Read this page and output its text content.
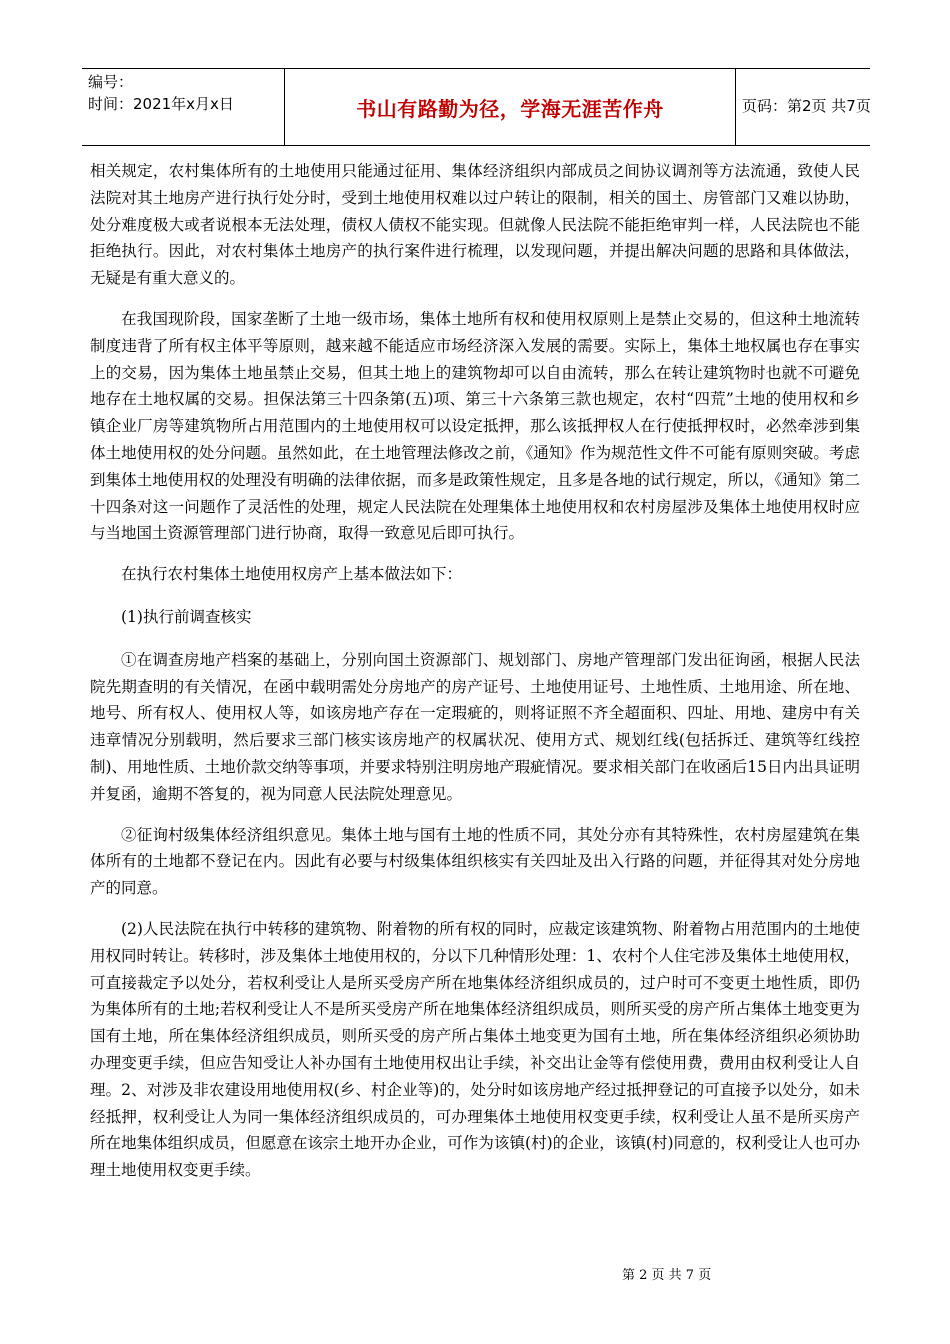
编号：
时间：2021年x月x日	书山有路勤为径，学海无涯苦作舟	页码：第2页 共7页

相关规定，农村集体所有的土地使用只能通过征用、集体经济组织内部成员之间协议调剂等方法流通，致使人民法院对其土地房产进行执行处分时，受到土地使用权难以过户转让的限制，相关的国土、房管部门又难以协助，处分难度极大或者说根本无法处理，债权人债权不能实现。但就像人民法院不能拒绝审判一样，人民法院也不能拒绝执行。因此，对农村集体土地房产的执行案件进行梳理，以发现问题，并提出解决问题的思路和具体做法，无疑是有重大意义的。

在我国现阶段，国家垄断了土地一级市场，集体土地所有权和使用权原则上是禁止交易的，但这种土地流转制度违背了所有权主体平等原则，越来越不能适应市场经济深入发展的需要。实际上，集体土地权属也存在事实上的交易，因为集体土地虽禁止交易，但其土地上的建筑物却可以自由流转，那么在转让建筑物时也就不可避免地存在土地权属的交易。担保法第三十四条第(五)项、第三十六条第三款也规定，农村“四荒”土地的使用权和乡镇企业厂房等建筑物所占用范围内的土地使用权可以设定抵押，那么该抵押权人在行使抵押权时，必然牵涉到集体土地使用权的处分问题。虽然如此，在土地管理法修改之前，《通知》作为规范性文件不可能有原则突破。考虑到集体土地使用权的处理没有明确的法律依据，而多是政策性规定，且多是各地的试行规定，所以，《通知》第二十四条对这一问题作了灵活性的处理，规定人民法院在处理集体土地使用权和农村房屋涉及集体土地使用权时应与当地国土资源管理部门进行协商，取得一致意见后即可执行。

在执行农村集体土地使用权房产上基本做法如下：

(1)执行前调查核实

①在调查房地产档案的基础上，分别向国土资源部门、规划部门、房地产管理部门发出征询函，根据人民法院先期查明的有关情况，在函中载明需处分房地产的房产证号、土地使用证号、土地性质、土地用途、所在地、地号、所有权人、使用权人等，如该房地产存在一定瑕疵的，则将证照不齐全超面积、四址、用地、建房中有关违章情况分别载明，然后要求三部门核实该房地产的权属状况、使用方式、规划红线(包括拆迁、建筑等红线控制)、用地性质、土地价款交纳等事项，并要求特别注明房地产瑕疵情况。要求相关部门在收函后15日内出具证明并复函，逾期不答复的，视为同意人民法院处理意见。

②征询村级集体经济组织意见。集体土地与国有土地的性质不同，其处分亦有其特殊性，农村房屋建筑在集体所有的土地都不登记在内。因此有必要与村级集体组织核实有关四址及出入行路的问题，并征得其对处分房地产的同意。

(2)人民法院在执行中转移的建筑物、附着物的所有权的同时，应裁定该建筑物、附着物占用范围内的土地使用权同时转让。转移时，涉及集体土地使用权的，分以下几种情形处理：1、农村个人住宅涉及集体土地使用权，可直接裁定予以处分，若权利受让人是所买受房产所在地集体经济组织成员的，过户时可不变更土地性质，即仍为集体所有的土地;若权利受让人不是所买受房产所在地集体经济组织成员，则所买受的房产所占集体土地变更为国有土地，所在集体经济组织成员，则所买受的房产所占集体土地变更为国有土地，所在集体经济组织必须协助办理变更手续，但应告知受让人补办国有土地使用权出让手续，补交出让金等有偿使用费，费用由权利受让人自理。2、对涉及非农建设用地使用权(乡、村企业等)的，处分时如该房地产经过抵押登记的可直接予以处分，如未经抵押，权利受让人为同一集体经济组织成员的，可办理集体土地使用权变更手续，权利受让人虽不是所买房产所在地集体组织成员，但愿意在该宗土地开办企业，可作为该镇(村)的企业，该镇(村)同意的，权利受让人也可办理土地使用权变更手续。

第 2 页 共 7 页
